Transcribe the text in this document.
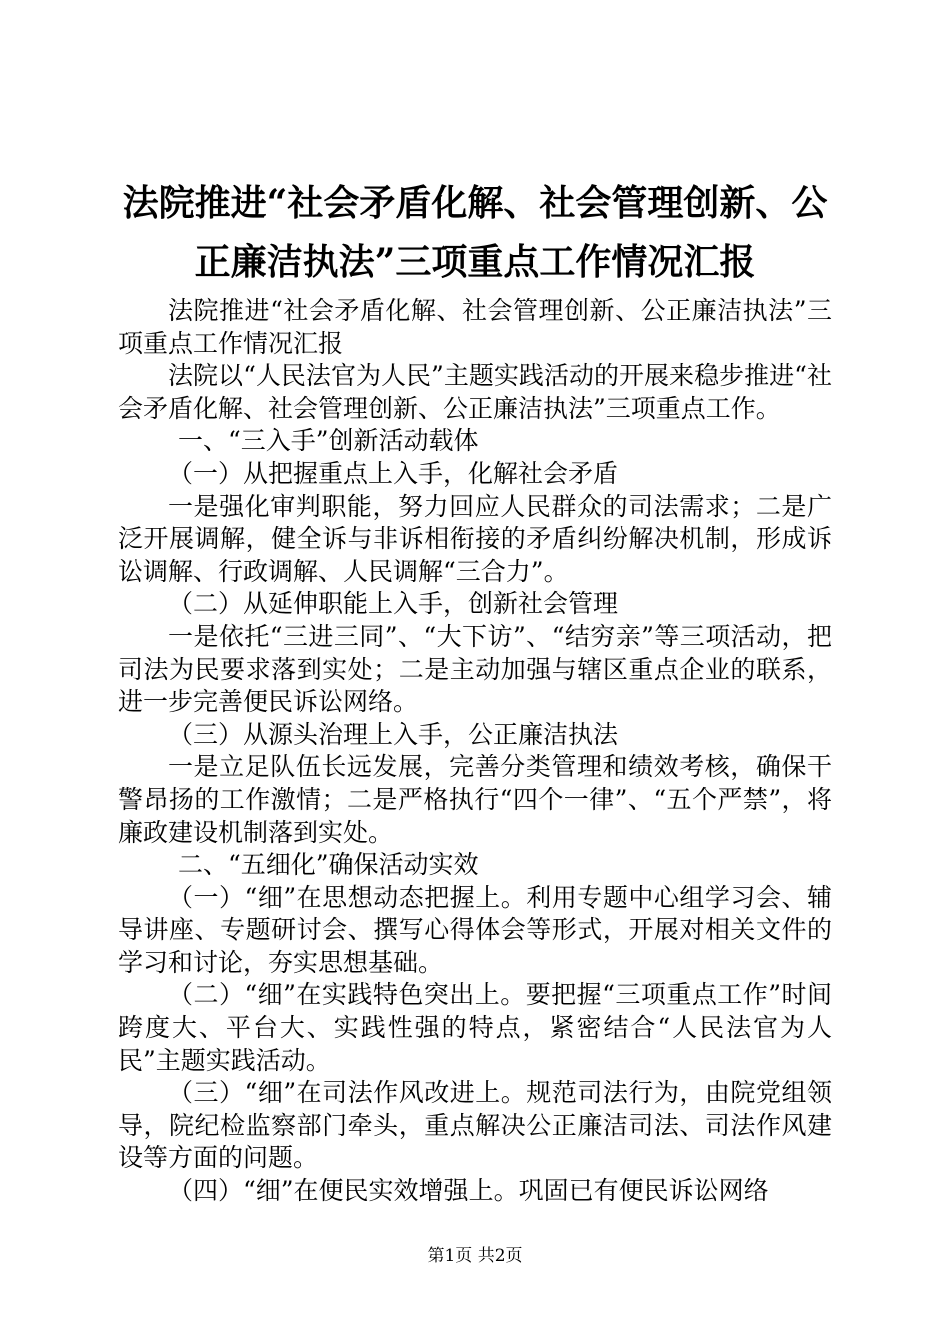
法院推进“社会矛盾化解、社会管理创新、公
正廉洁执法”三项重点工作情况汇报

法院推进“社会矛盾化解、社会管理创新、公正廉洁执法”三项重点工作情况汇报

法院以“人民法官为人民”主题实践活动的开展来稳步推进“社会矛盾化解、社会管理创新、公正廉洁执法”三项重点工作。

一、“三入手”创新活动载体

（一）从把握重点上入手，化解社会矛盾

一是强化审判职能，努力回应人民群众的司法需求；二是广泛开展调解，健全诉与非诉相衔接的矛盾纠纷解决机制，形成诉讼调解、行政调解、人民调解“三合力”。

（二）从延伸职能上入手，创新社会管理

一是依托“三进三同”、“大下访”、“结穷亲”等三项活动，把司法为民要求落到实处；二是主动加强与辖区重点企业的联系，进一步完善便民诉讼网络。

（三）从源头治理上入手，公正廉洁执法

一是立足队伍长远发展，完善分类管理和绩效考核，确保干警昂扬的工作激情；二是严格执行“四个一律”、“五个严禁”，将廉政建设机制落到实处。

二、“五细化”确保活动实效

（一）“细”在思想动态把握上。利用专题中心组学习会、辅导讲座、专题研讨会、撰写心得体会等形式，开展对相关文件的学习和讨论，夯实思想基础。

（二）“细”在实践特色突出上。要把握“三项重点工作”时间跨度大、平台大、实践性强的特点，紧密结合“人民法官为人民”主题实践活动。

（三）“细”在司法作风改进上。规范司法行为，由院党组领导，院纪检监察部门牵头，重点解决公正廉洁司法、司法作风建设等方面的问题。

（四）“细”在便民实效增强上。巩固已有便民诉讼网络

第1页 共2页
